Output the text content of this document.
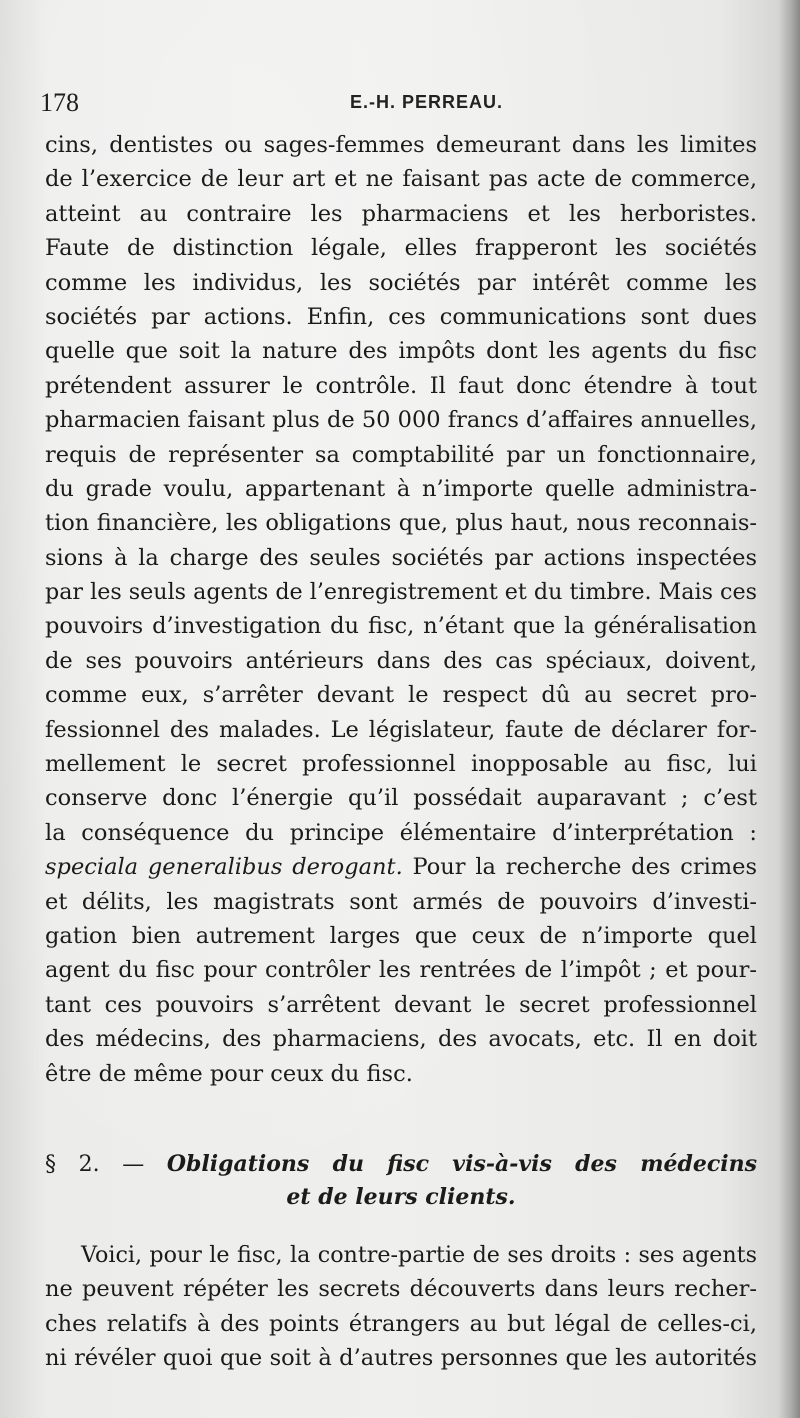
178	E.-H. PERREAU.
cins, dentistes ou sages-femmes demeurant dans les limites
de l’exercice de leur art et ne faisant pas acte de commerce,
atteint au contraire les pharmaciens et les herboristes.
Faute de distinction légale, elles frapperont les sociétés
comme les individus, les sociétés par intérêt comme les
sociétés par actions. Enfin, ces communications sont dues
quelle que soit la nature des impôts dont les agents du fisc
prétendent assurer le contrôle. Il faut donc étendre à tout
pharmacien faisant plus de 50 000 francs d’affaires annuelles,
requis de représenter sa comptabilité par un fonctionnaire,
du grade voulu, appartenant à n’importe quelle administra-
tion financière, les obligations que, plus haut, nous reconnais-
sions à la charge des seules sociétés par actions inspectées
par les seuls agents de l’enregistrement et du timbre. Mais ces
pouvoirs d’investigation du fisc, n’étant que la généralisation
de ses pouvoirs antérieurs dans des cas spéciaux, doivent,
comme eux, s’arrêter devant le respect dû au secret pro-
fessionnel des malades. Le législateur, faute de déclarer for-
mellement le secret professionnel inopposable au fisc, lui
conserve donc l’énergie qu’il possédait auparavant ; c’est
la conséquence du principe élémentaire d’interprétation :
speciala generalibus derogant. Pour la recherche des crimes
et délits, les magistrats sont armés de pouvoirs d’investi-
gation bien autrement larges que ceux de n’importe quel
agent du fisc pour contrôler les rentrées de l’impôt ; et pour-
tant ces pouvoirs s’arrêtent devant le secret professionnel
des médecins, des pharmaciens, des avocats, etc. Il en doit
être de même pour ceux du fisc.
§ 2. — Obligations du fisc vis-à-vis des médecins
et de leurs clients.
Voici, pour le fisc, la contre-partie de ses droits : ses agents
ne peuvent répéter les secrets découverts dans leurs recher-
ches relatifs à des points étrangers au but légal de celles-ci,
ni révéler quoi que soit à d’autres personnes que les autorités
